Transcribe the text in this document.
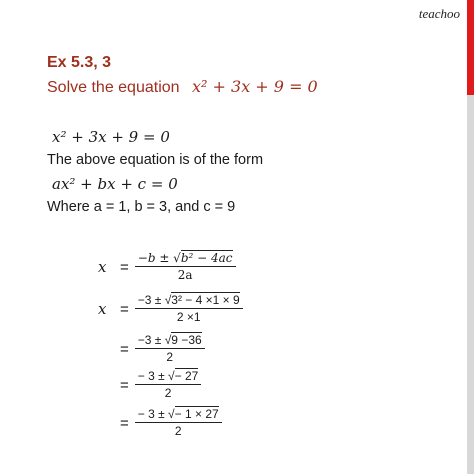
teachoo
Ex 5.3, 3
Solve the equation x² + 3x + 9 = 0
x² + 3x + 9 = 0
The above equation is of the form
ax² + bx + c = 0
Where a = 1, b = 3, and c = 9
$x = \frac{\text{−b ± √b² − 4ac}}{2a}$
$x = \frac{\text{−3 ± √3² − 4 ×1 × 9}}{2 \times 1}$
= $\frac{-3 \pm √9 -36}{2}$
= $\frac{- 3 \pm √- 27}{2}$
= $\frac{- 3 \pm √- 1 \times 27}{2}$
